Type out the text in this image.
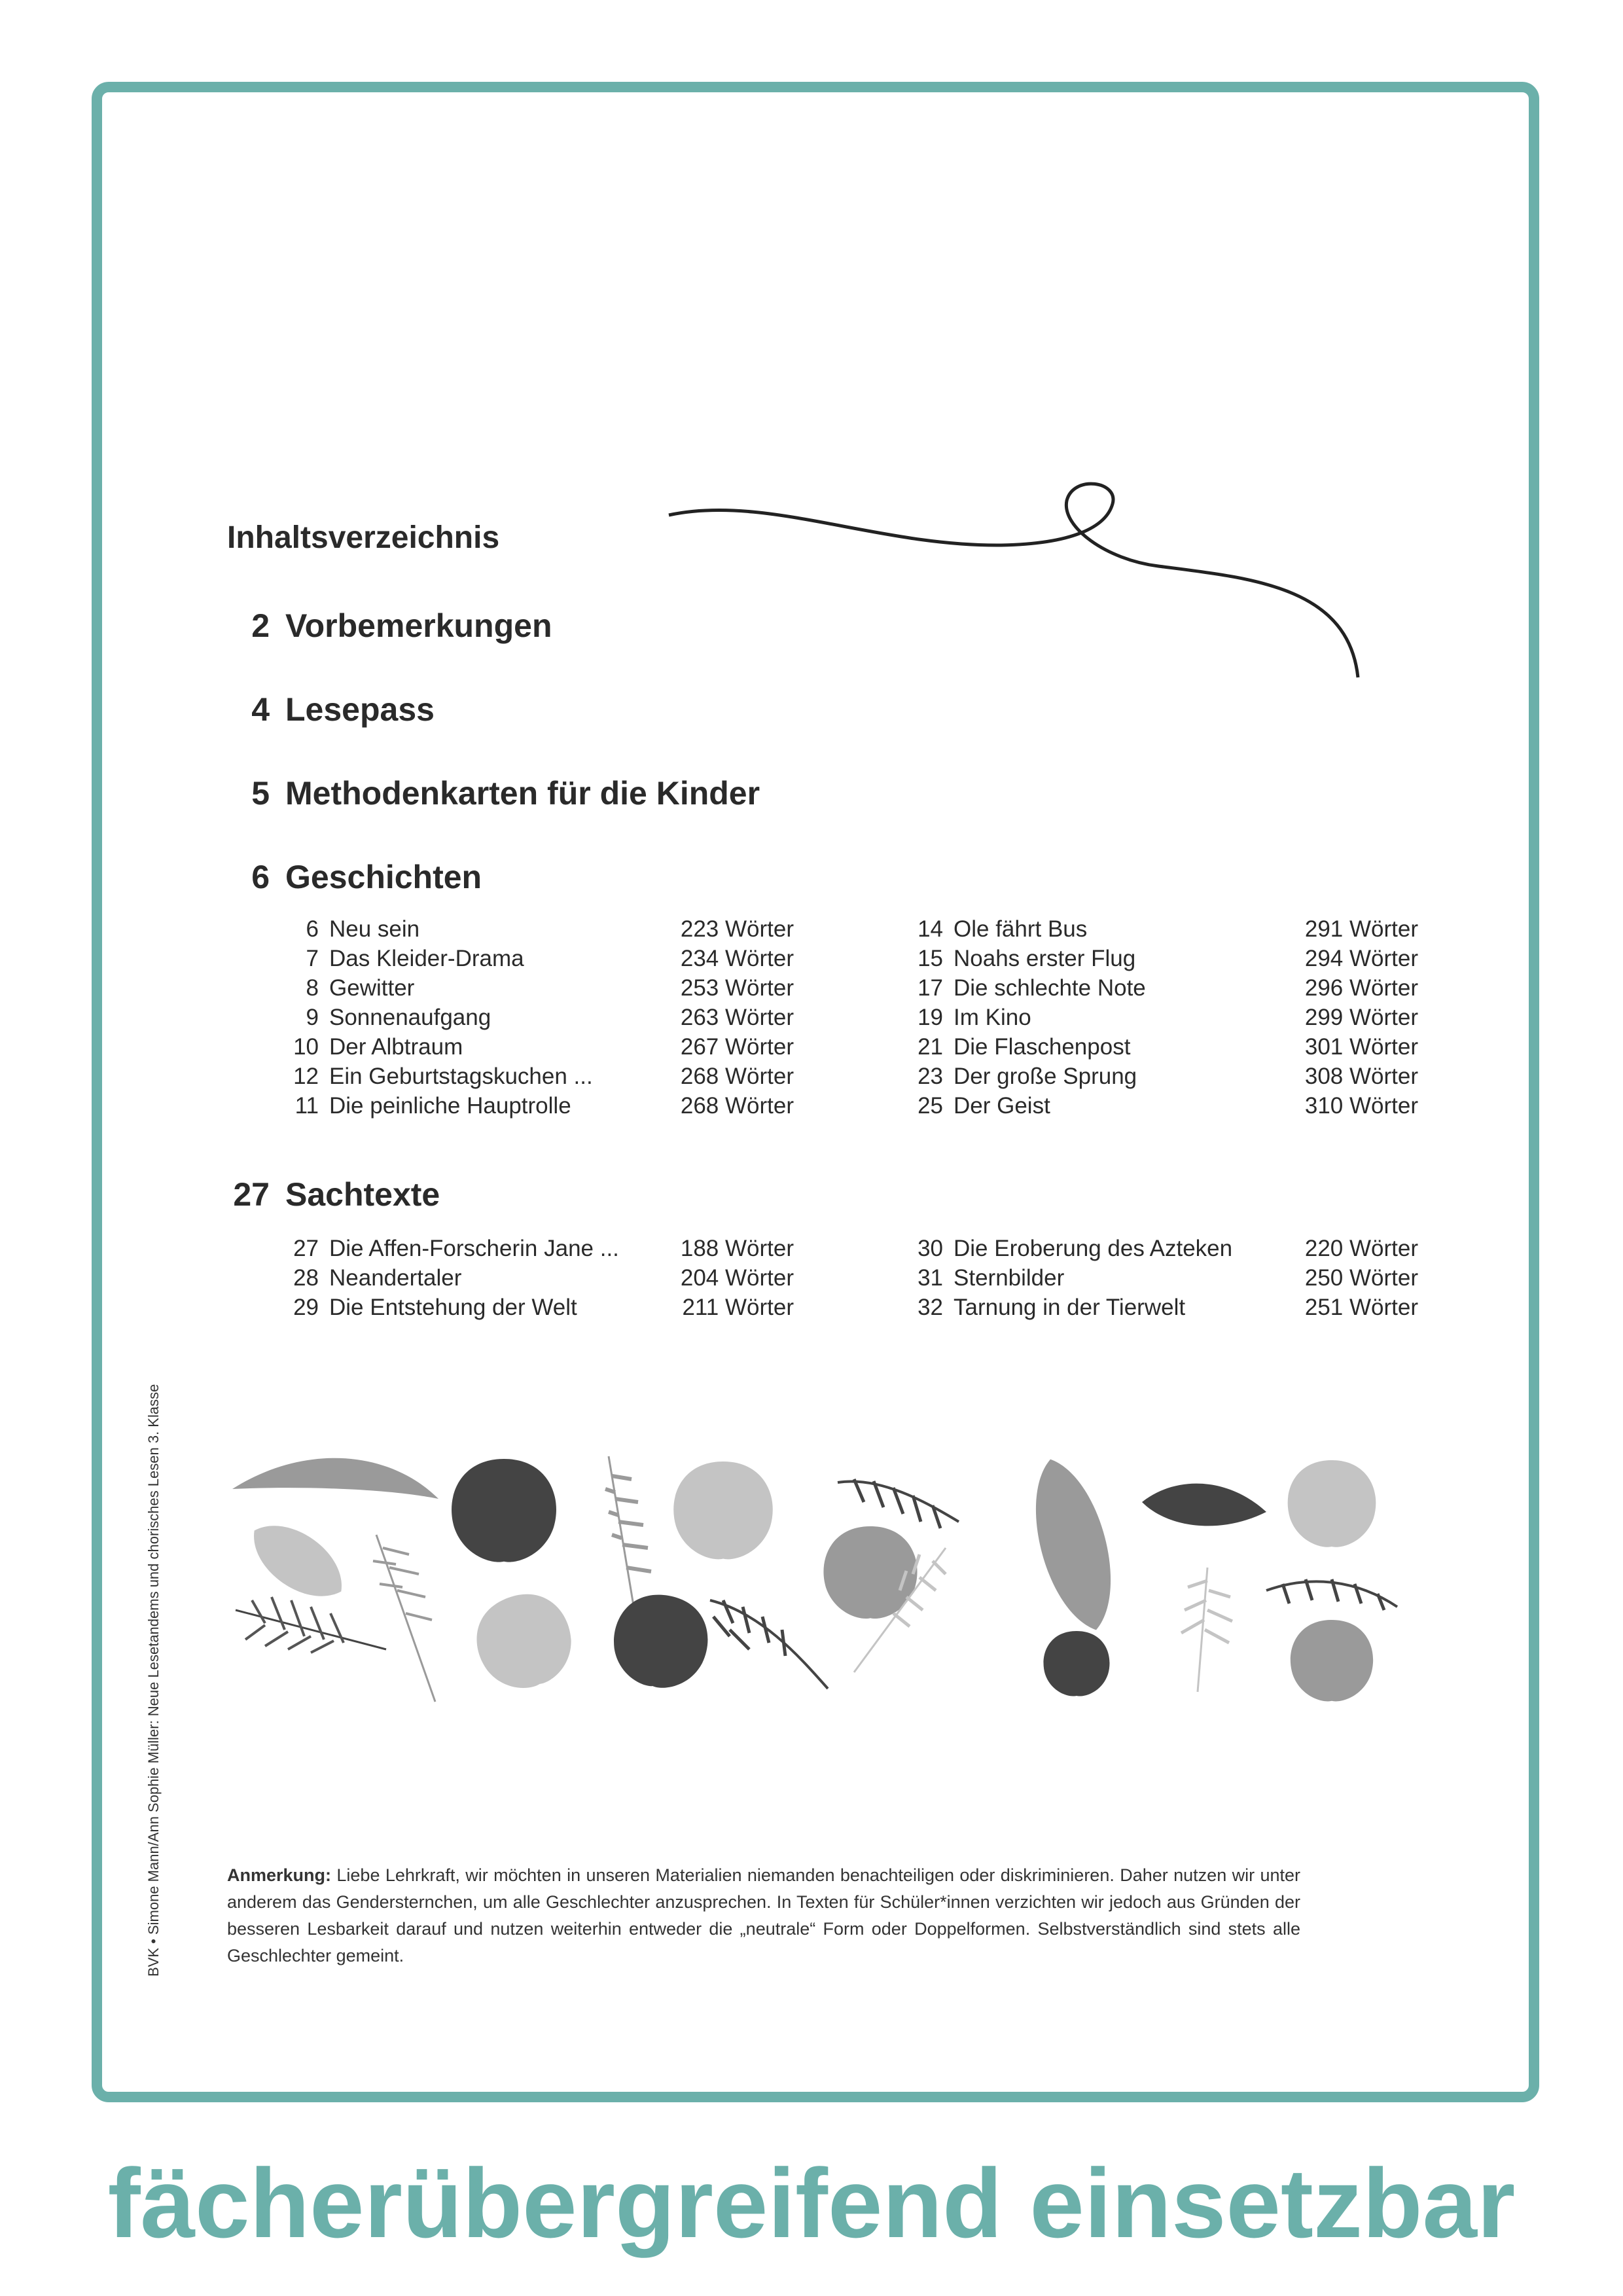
Inhaltsverzeichnis
2 Vorbemerkungen
4 Lesepass
5 Methodenkarten für die Kinder
6 Geschichten
27 Sachtexte
6 Neu sein	223 Wörter
7 Das Kleider-Drama	234 Wörter
8 Gewitter	253 Wörter
9 Sonnenaufgang	263 Wörter
10 Der Albtraum	267 Wörter
12 Ein Geburtstagskuchen ...	268 Wörter
11 Die peinliche Hauptrolle	268 Wörter
14 Ole fährt Bus	291 Wörter
15 Noahs erster Flug	294 Wörter
17 Die schlechte Note	296 Wörter
19 Im Kino	299 Wörter
21 Die Flaschenpost	301 Wörter
23 Der große Sprung	308 Wörter
25 Der Geist	310 Wörter
27 Die Affen-Forscherin Jane ...	188 Wörter
28 Neandertaler	204 Wörter
29 Die Entstehung der Welt	211 Wörter
30 Die Eroberung des Azteken	220 Wörter
31 Sternbilder	250 Wörter
32 Tarnung in der Tierwelt	251 Wörter
BVK • Simone Mann/Ann Sophie Müller: Neue Lesetandems und chorisches Lesen 3. Klasse	Anmerkung: Liebe Lehrkraft, wir möchten in unseren Materialien niemanden benachteiligen oder diskriminieren. Daher nutzen wir unter anderem das Gendersternchen, um alle Geschlechter anzusprechen. In Texten für Schüler*innen verzichten wir jedoch aus Gründen der besseren Lesbarkeit darauf und nutzen weiterhin entweder die „neutrale“ Form oder Doppelformen. Selbstverständlich sind stets alle Geschlechter gemeint.
fächerübergreifend einsetzbar
